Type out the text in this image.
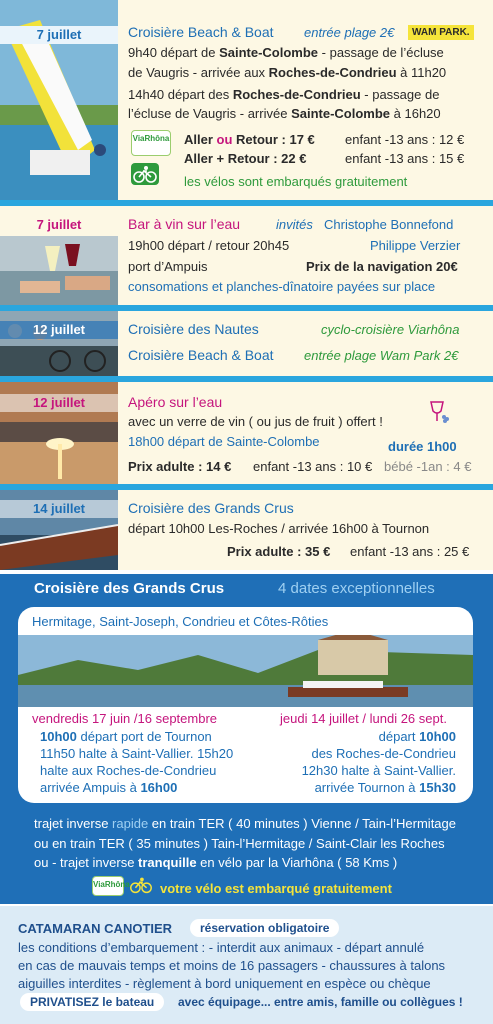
7 juillet	Croisière Beach & Boat entrée plage 2€	WAM PARK.
9h40 départ de Sainte-Colombe - passage de l’écluse
de Vaugris - arrivée aux Roches-de-Condrieu à 11h20
14h40 départ des Roches-de-Condrieu - passage de
l’écluse de Vaugris - arrivée Sainte-Colombe à 16h20
ViaRhôna Aller ou Retour : 17 € enfant -13 ans : 12 €
Aller + Retour : 22 €	enfant -13 ans : 15 €
les vélos sont embarqués gratuitement
7 juillet	Bar à vin sur l’eau	invités Christophe Bonnefond
Philippe Verzier
19h00 départ / retour 20h45
port d’Ampuis	Prix de la navigation 20€
consomations et planches-dînatoire payées sur place
12 juillet	Croisière des Nautes	cyclo-croisière Viarhôna
Croisière Beach & Boat entrée plage Wam Park 2€
12 juillet	Apéro sur l’eau
avec un verre de vin ( ou jus de fruit ) offert !
18h00 départ de Sainte-Colombe	durée 1h00
Prix adulte : 14 € enfant -13 ans : 10 € bébé -1an : 4 €
14 juillet	Croisière des Grands Crus
départ 10h00 Les-Roches / arrivée 16h00 à Tournon
Prix adulte : 35 € enfant -13 ans : 25 €
Croisière des Grands Crus	4 dates exceptionnelles
Hermitage, Saint-Joseph, Condrieu et Côtes-Rôties
vendredis 17 juin /16 septembre
10h00 départ port de Tournon
11h50 halte à Saint-Vallier. 15h20
halte aux Roches-de-Condrieu
arrivée Ampuis à 16h00
jeudi 14 juillet / lundi 26 sept.
départ 10h00
des Roches-de-Condrieu
12h30 halte à Saint-Vallier.
arrivée Tournon à 15h30
trajet inverse rapide en train TER ( 40 minutes ) Vienne / Tain-l’Hermitage
ou en train TER ( 35 minutes ) Tain-l’Hermitage / Saint-Clair les Roches
ou - trajet inverse tranquille en vélo par la Viarhôna ( 58 Kms )
ViaRhôna votre vélo est embarqué gratuitement
CATAMARAN CANOTIER	réservation obligatoire
les conditions d’embarquement : - interdit aux animaux - départ annulé
en cas de mauvais temps et moins de 16 passagers - chaussures à talons
aiguilles interdites - règlement à bord uniquement en espèce ou chèque
PRIVATISEZ le bateau	avec équipage... entre amis, famille ou collègues !
